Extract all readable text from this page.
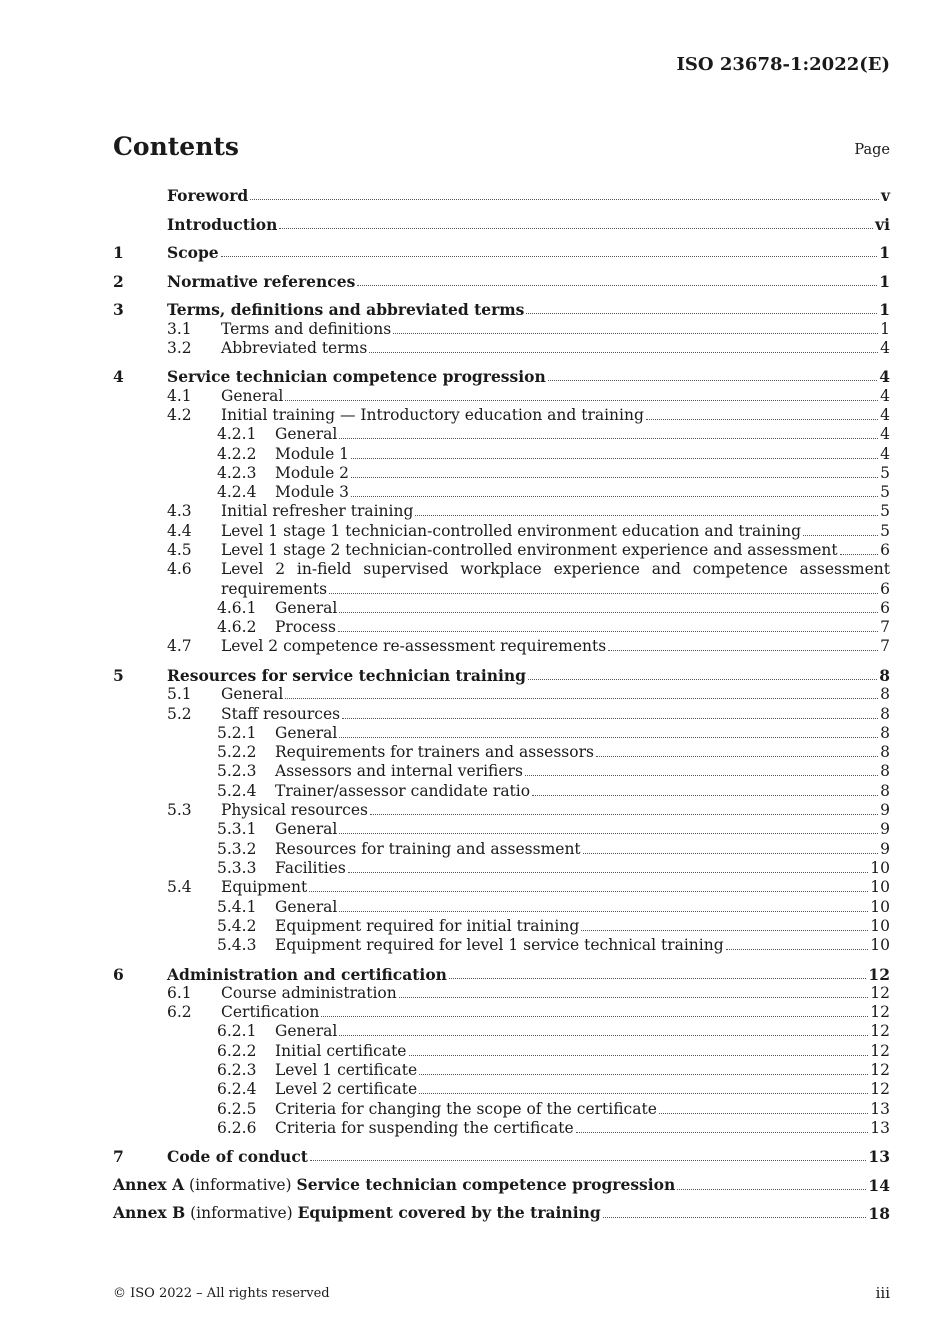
ISO 23678-1:2022(E)
Contents	Page
Foreword	v
Introduction	vi
1	Scope	1
2	Normative references	1
3	Terms, definitions and abbreviated terms	1
3.1	Terms and definitions	1
3.2	Abbreviated terms	4
4	Service technician competence progression	4
4.1	General	4
4.2	Initial training — Introductory education and training	4
4.2.1	General	4
4.2.2	Module 1	4
4.2.3	Module 2	5
4.2.4	Module 3	5
4.3	Initial refresher training	5
4.4	Level 1 stage 1 technician-controlled environment education and training	5
4.5	Level 1 stage 2 technician-controlled environment experience and assessment	6
4.6	Level 2 in-field supervised workplace experience and competence assessment
requirements	6
4.6.1	General	6
4.6.2	Process	7
4.7	Level 2 competence re-assessment requirements	7
5	Resources for service technician training	8
5.1	General	8
5.2	Staff resources	8
5.2.1	General	8
5.2.2	Requirements for trainers and assessors	8
5.2.3	Assessors and internal verifiers	8
5.2.4	Trainer/assessor candidate ratio	8
5.3	Physical resources	9
5.3.1	General	9
5.3.2	Resources for training and assessment	9
5.3.3	Facilities	10
5.4	Equipment	10
5.4.1	General	10
5.4.2	Equipment required for initial training	10
5.4.3	Equipment required for level 1 service technical training	10
6	Administration and certification	12
6.1	Course administration	12
6.2	Certification	12
6.2.1	General	12
6.2.2	Initial certificate	12
6.2.3	Level 1 certificate	12
6.2.4	Level 2 certificate	12
6.2.5	Criteria for changing the scope of the certificate	13
6.2.6	Criteria for suspending the certificate	13
7	Code of conduct	13
Annex A (informative) Service technician competence progression	14
Annex B (informative) Equipment covered by the training	18
© ISO 2022 – All rights reserved	iii
